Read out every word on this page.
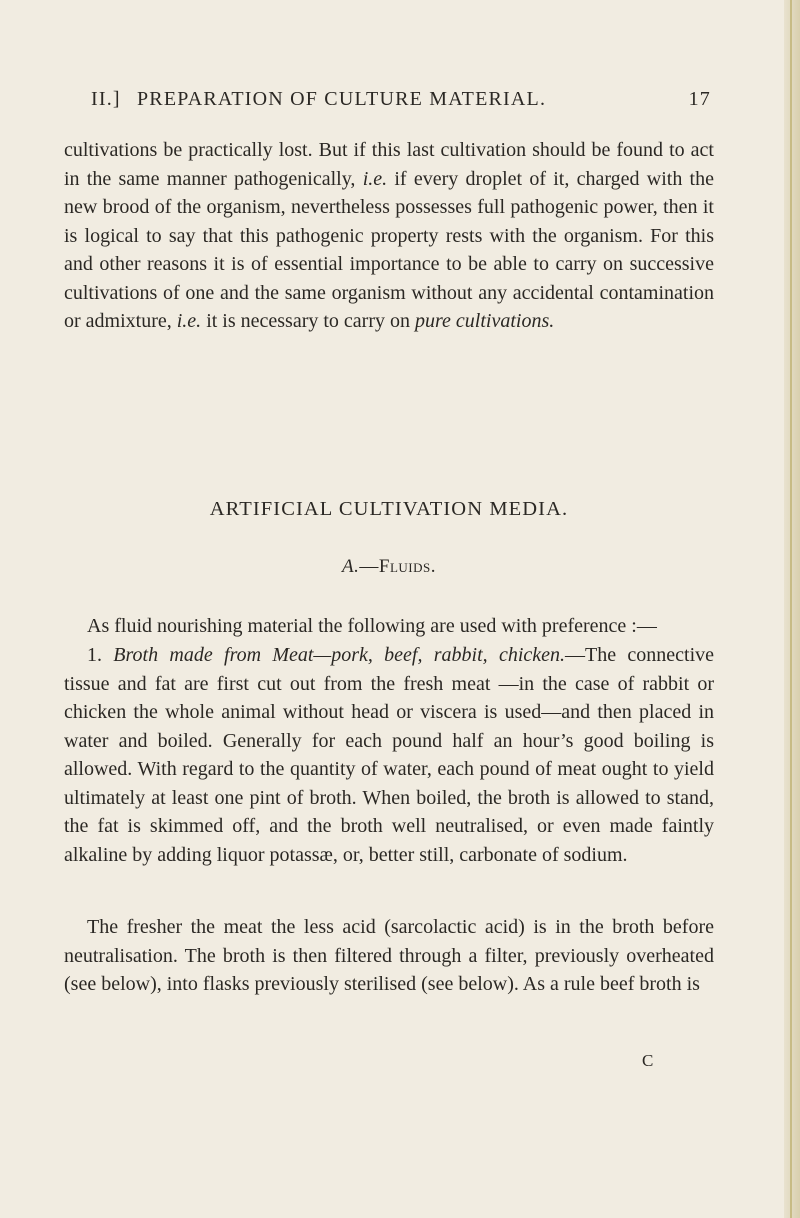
II.] PREPARATION OF CULTURE MATERIAL.	17

cultivations be practically lost. But if this last cultivation should be found to act in the same manner pathogenically, i.e. if every droplet of it, charged with the new brood of the organism, nevertheless possesses full pathogenic power, then it is logical to say that this pathogenic property rests with the organism. For this and other reasons it is of essential importance to be able to carry on successive cultivations of one and the same organism without any accidental contamination or admixture, i.e. it is necessary to carry on pure cultivations.

ARTIFICIAL CULTIVATION MEDIA.
A.—Fluids.

As fluid nourishing material the following are used with preference :—

1. Broth made from Meat—pork, beef, rabbit, chicken.—The connective tissue and fat are first cut out from the fresh meat —in the case of rabbit or chicken the whole animal without head or viscera is used—and then placed in water and boiled. Generally for each pound half an hour’s good boiling is allowed. With regard to the quantity of water, each pound of meat ought to yield ultimately at least one pint of broth. When boiled, the broth is allowed to stand, the fat is skimmed off, and the broth well neutralised, or even made faintly alkaline by adding liquor potassæ, or, better still, carbonate of sodium.

The fresher the meat the less acid (sarcolactic acid) is in the broth before neutralisation. The broth is then filtered through a filter, previously overheated (see below), into flasks previously sterilised (see below). As a rule beef broth is

C
